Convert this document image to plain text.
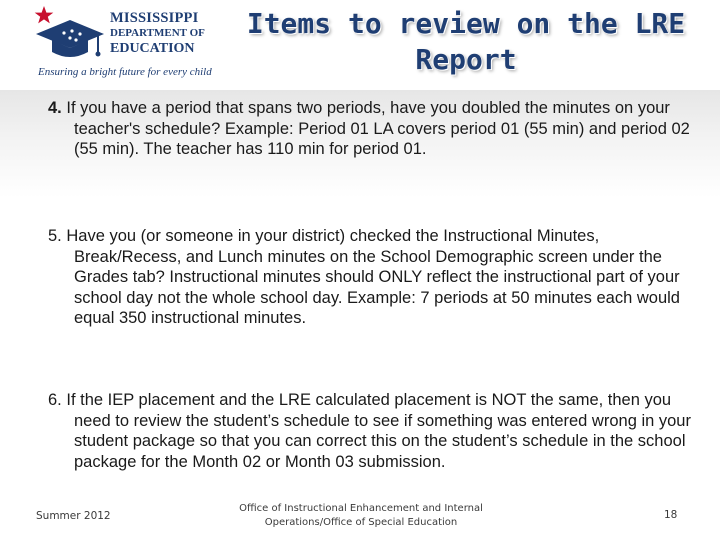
MISSISSIPPI
DEPARTMENT OF
EDUCATION
Ensuring a bright future for every child
Items to review on the LRE
Report
4. If you have a period that spans two periods, have you doubled the minutes on your teacher's schedule? Example: Period 01 LA covers period 01 (55 min) and period 02 (55 min). The teacher has 110 min for period 01.
5. Have you (or someone in your district) checked the Instructional Minutes, Break/Recess, and Lunch minutes on the School Demographic screen under the Grades tab? Instructional minutes should ONLY reflect the instructional part of your school day not the whole school day. Example: 7 periods at 50 minutes each would equal 350 instructional minutes.
6. If the IEP placement and the LRE calculated placement is NOT the same, then you need to review the student’s schedule to see if something was entered wrong in your student package so that you can correct this on the student’s schedule in the school package for the Month 02 or Month 03 submission.
Summer 2012
Office of Instructional Enhancement and Internal
Operations/Office of Special Education
18
